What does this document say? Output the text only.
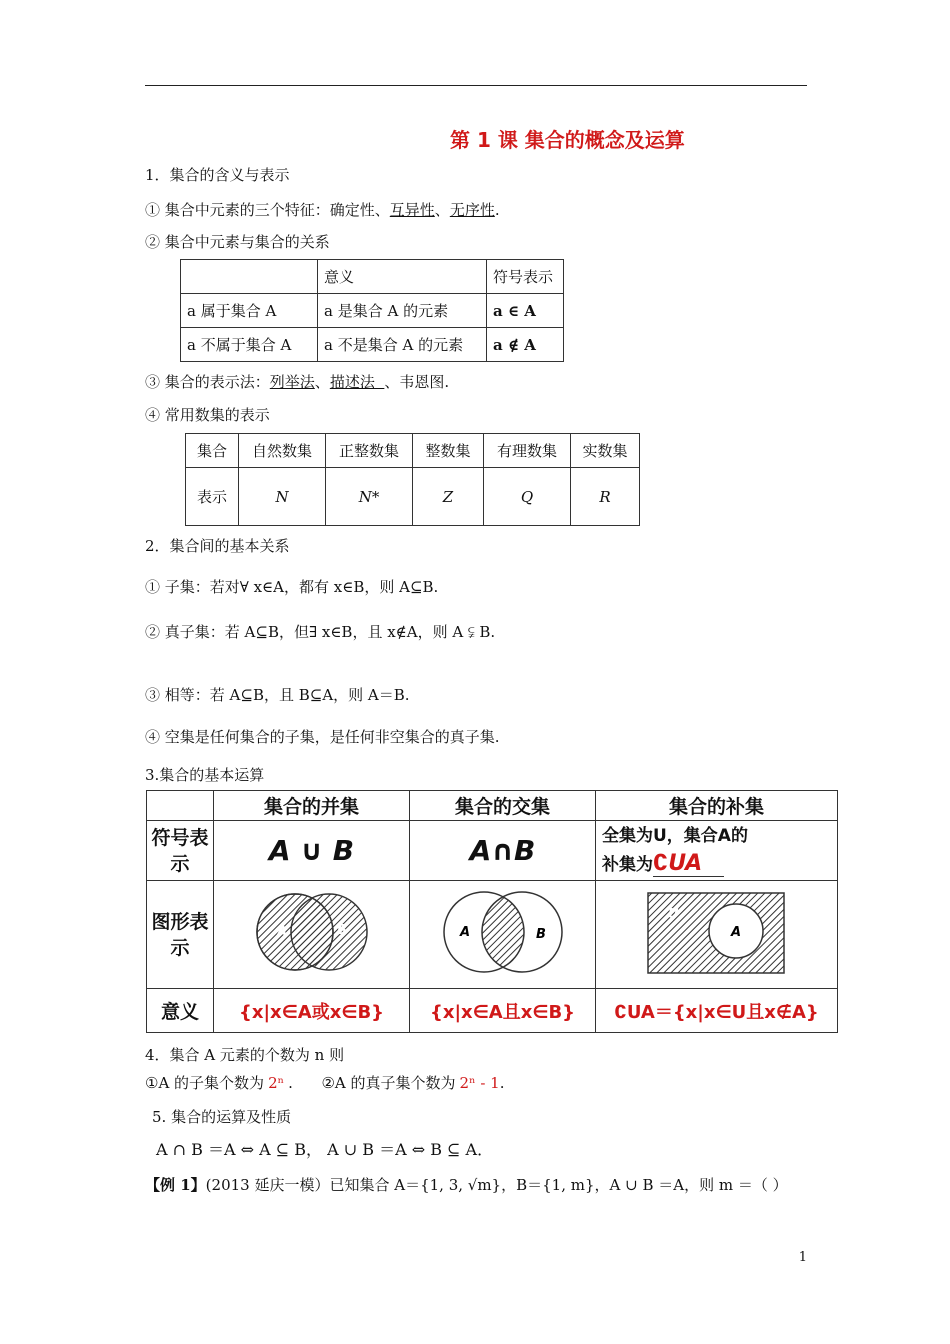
第 1 课 集合的概念及运算
1．集合的含义与表示
① 集合中元素的三个特征：确定性、互异性、无序性.
② 集合中元素与集合的关系
	意义	符号表示
a 属于集合 A	a 是集合 A 的元素	a ∈ A
a 不属于集合 A	a 不是集合 A 的元素	a ∉ A
③ 集合的表示法：列举法、描述法  、韦恩图.
④ 常用数集的表示
集合	自然数集	正整数集	整数集	有理数集	实数集
表示	N	N*	Z	Q	R
2．集合间的基本关系
① 子集：若对∀ x∈A，都有 x∈B，则 A⊆B.
② 真子集：若 A⊆B，但∃ x∈B，且 x∉A，则 A ⫋ B.
③ 相等：若 A⊆B，且 B⊆A，则 A＝B.
④ 空集是任何集合的子集，是任何非空集合的真子集.
3.集合的基本运算
	集合的并集	集合的交集	集合的补集
符号表示	A ∪ B	A∩B	全集为U，集合A的
补集为∁UA

图形表示	A B	A B	U
A

意义	{x|x∈A或x∈B}	{x|x∈A且x∈B}	∁UA＝{x|x∈U且x∉A}
4．集合 A 元素的个数为 n 则
①A 的子集个数为 2ⁿ .      ②A 的真子集个数为 2ⁿ - 1.
5. 集合的运算及性质
A ∩ B ＝A ⇔ A ⊆ B， A ∪ B ＝A ⇔ B ⊆ A．
【例 1】(2013 延庆一模）已知集合 A＝{1, 3, √m}，B＝{1, m}，A ∪ B ＝A，则 m ＝（ ）
1
